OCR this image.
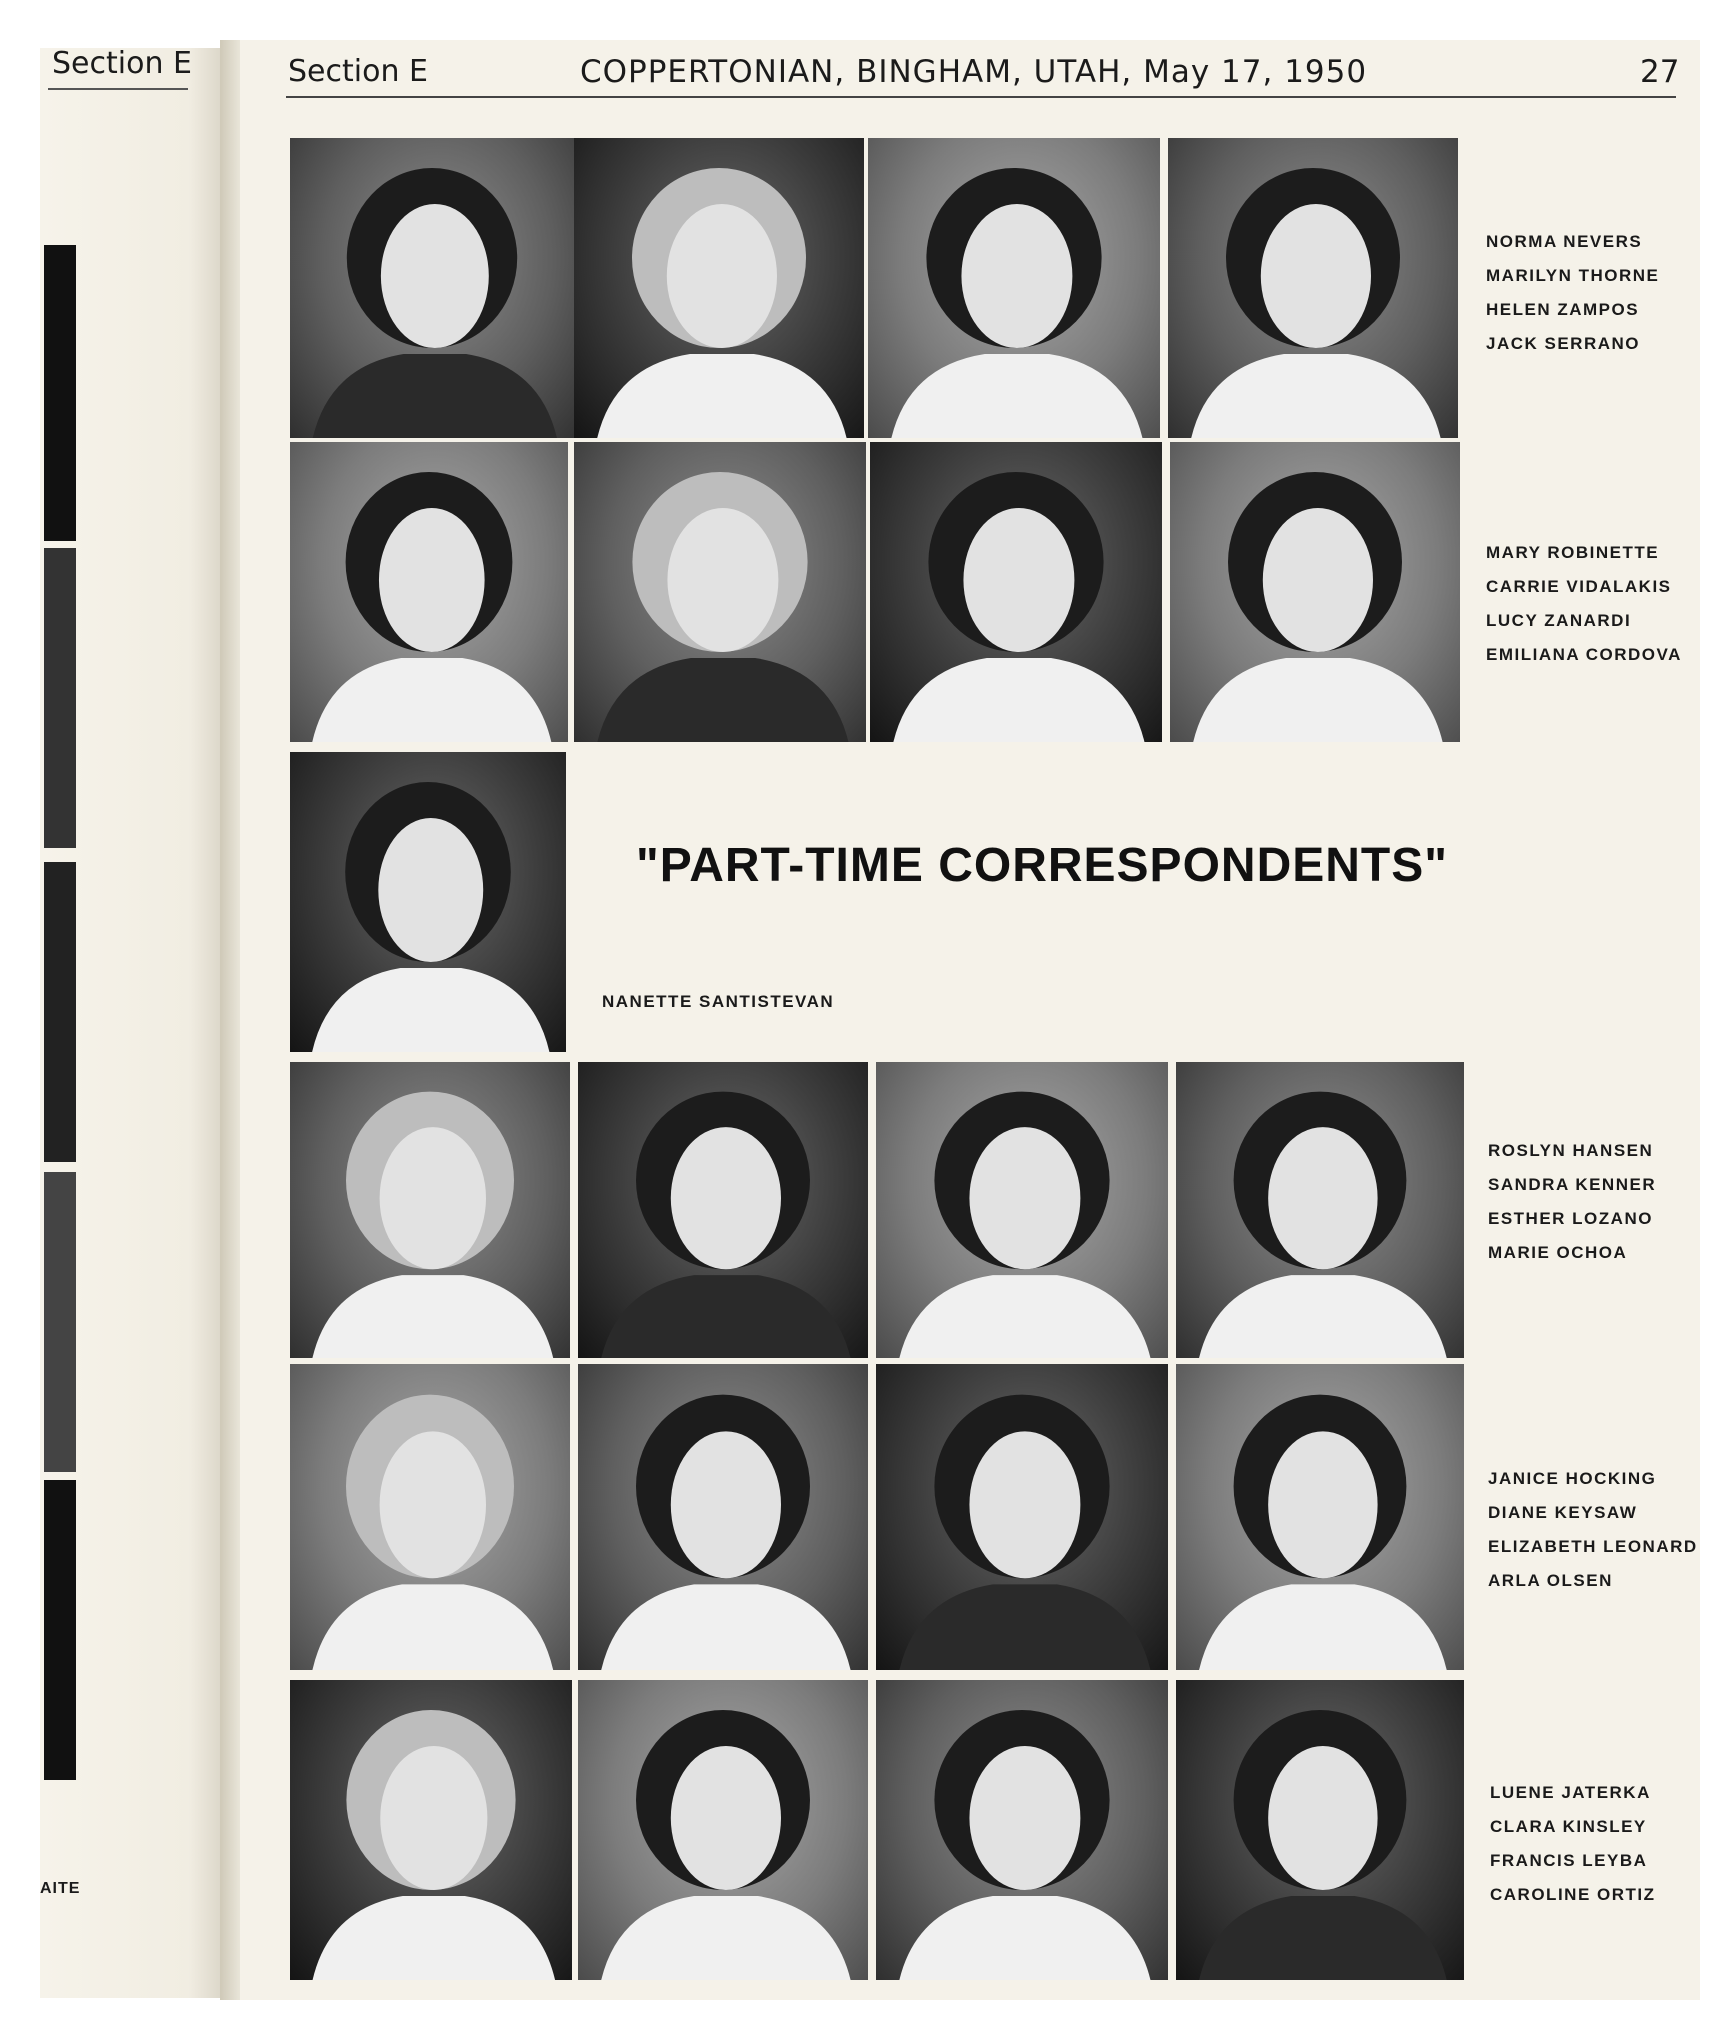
Section E
AITE
Section E	COPPERTONIAN, BINGHAM, UTAH, May 17, 1950	27
"PART-TIME CORRESPONDENTS"
NANETTE SANTISTEVAN
NORMA NEVERS
MARILYN THORNE
HELEN ZAMPOS
JACK SERRANO
MARY ROBINETTE
CARRIE VIDALAKIS
LUCY ZANARDI
EMILIANA CORDOVA
ROSLYN HANSEN
SANDRA KENNER
ESTHER LOZANO
MARIE OCHOA
JANICE HOCKING
DIANE KEYSAW
ELIZABETH LEONARD
ARLA OLSEN
LUENE JATERKA
CLARA KINSLEY
FRANCIS LEYBA
CAROLINE ORTIZ
